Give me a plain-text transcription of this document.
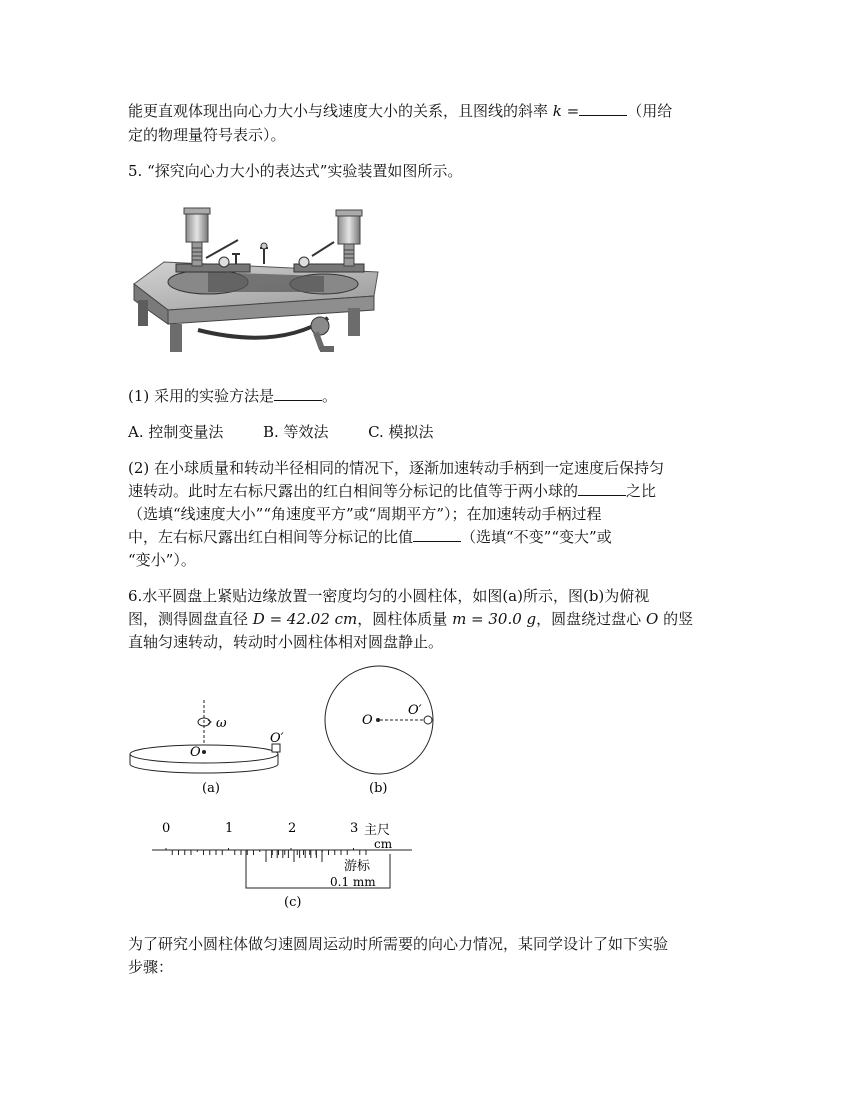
能更直观体现出向心力大小与线速度大小的关系，且图线的斜率 k =	（用给
定的物理量符号表示）。
5. “探究向心力大小的表达式”实验装置如图所示。
(1) 采用的实验方法是	。
A. 控制变量法	B. 等效法	C. 模拟法
(2) 在小球质量和转动半径相同的情况下，逐渐加速转动手柄到一定速度后保持匀
速转动。此时左右标尺露出的红白相间等分标记的比值等于两小球的	之比
（选填“线速度大小”“角速度平方”或“周期平方”）；在加速转动手柄过程
中，左右标尺露出红白相间等分标记的比值	（选填“不变”“变大”或
“变小”）。
6.水平圆盘上紧贴边缘放置一密度均匀的小圆柱体，如图(a)所示，图(b)为俯视
图，测得圆盘直径 D = 42.02 cm，圆柱体质量 m = 30.0 g，圆盘绕过盘心 O 的竖
直轴匀速转动，转动时小圆柱体相对圆盘静止。
ω
O
O′
(a)
O
O′
(b)
0	1	2	3 主尺
cm
游标
0.1 mm
(c)
为了研究小圆柱体做匀速圆周运动时所需要的向心力情况，某同学设计了如下实验
步骤：
